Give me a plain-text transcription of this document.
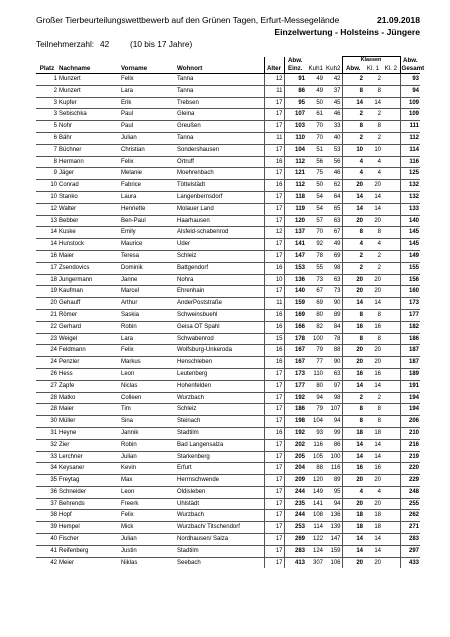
Großer Tierbeurteilungswettbewerb auf den Grünen Tagen, Erfurt-Messegelände	21.09.2018
Einzelwertung - Holsteins - Jüngere
Teilnehmerzahl: 42	(10 bis 17 Jahre)
					Abw.			Klassen			Abw.
Platz	Nachname	Vorname	Wohnort	Alter	Einz.	Kuh1	Kuh2	Abw.	Kl. 1	Kl. 2	Gesamt
1	Munzert	Felix	Tanna	12	91	49	42	2	2		93
2	Munzert	Lara	Tanna	11	86	49	37	8	8		94
3	Kupfer	Erik	Trebsen	17	95	50	45	14	14		109
3	Sebischka	Paul	Gleina	17	107	61	46	2	2		109
5	Nohr	Paul	Greußen	17	103	70	33	8	8		111
6	Bähr	Julian	Tanna	11	110	70	40	2	2		112
7	Büchner	Christian	Sondershausen	17	104	51	53	10	10		114
8	Hermann	Felix	Ortruff	16	112	56	56	4	4		116
9	Jäger	Melanie	Moehrenbach	17	121	75	46	4	4		125
10	Conrad	Fabrice	Töttelstädt	16	112	50	62	20	20		132
10	Stanko	Laura	Langenbernsdorf	17	118	54	64	14	14		132
12	Walter	Henriette	Molauer Land	17	119	54	65	14	14		133
13	Bebber	Ben-Paul	Haarhausen	17	120	57	63	20	20		140
14	Kuske	Emily	Alsfeld-schabenrod	12	137	70	67	8	8		145
14	Hunstock	Maurice	Uder	17	141	92	49	4	4		145
16	Maier	Teresa	Schleiz	17	147	78	69	2	2		149
17	Zsendovics	Dominik	Battgendorf	16	153	55	98	2	2		155
18	Jungermann	Janne	Nohra	10	136	73	63	20	20		156
19	Kaufman	Marcel	Ehrenhain	17	140	67	73	20	20		160
20	Gehauff	Arthur	AnderPoststraße	11	159	69	90	14	14		173
21	Römer	Saskia	Schweinsbuehl	16	169	80	89	8	8		177
22	Gerhard	Robin	Geisa OT Spahl	16	166	82	84	16	16		182
23	Weigel	Lara	Schwabenrod	15	178	100	78	8	8		186
24	Feldmann	Felix	Wolfsburg-Unkeroda	16	167	79	88	20	20		187
24	Penzler	Markus	Henschleben	16	167	77	90	20	20		187
26	Hess	Leon	Leutenberg	17	173	110	63	16	16		189
27	Zapfe	Niclas	Hohenfelden	17	177	80	97	14	14		191
28	Matko	Colleen	Wurzbach	17	192	94	98	2	2		194
28	Maier	Tim	Schleiz	17	186	79	107	8	8		194
30	Müller	Sina	Steinach	17	198	104	94	8	8		206
31	Heyne	Jannik	Stadtilm	16	192	93	99	18	18		210
32	Zier	Robin	Bad Langensalza	17	202	116	86	14	14		216
33	Lerchner	Julian	Starkenberg	17	205	105	100	14	14		219
34	Keysaner	Kevin	Erfurt	17	204	88	116	16	16		220
35	Freytag	Max	Herrnschwende	17	209	120	89	20	20		229
36	Schneider	Leon	Oldisleben	17	244	149	95	4	4		248
37	Behrends	Freerk	Uhlstädt	17	235	141	94	20	20		255
38	Hopf	Felix	Wurzbach	17	244	108	136	18	18		262
39	Hempel	Mick	Wurzbach/ Titschendorf	17	253	114	139	18	18		271
40	Fischer	Julian	Nordhausen/ Salza	17	269	122	147	14	14		283
41	Reifenberg	Justin	Stadtilm	17	283	124	159	14	14		297
42	Meier	Niklas	Seebach	17	413	307	106	20	20		433
